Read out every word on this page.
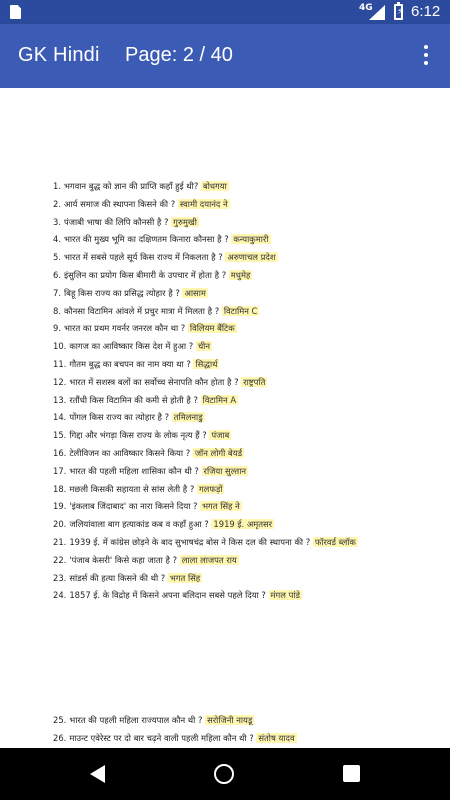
4G	⚡ 6:12
GK Hindi Page: 2 / 40
1. भगवान बुद्ध को ज्ञान की प्राप्ति कहाँ हुई थी? बोधगया
2. आर्य समाज की स्थापना किसने की ? स्वामी दयानंद ने
3. पंजाबी भाषा की लिपि कौनसी है ? गुरुमुखी
4. भारत की मुख्य भूमि का दक्षिणतम किनारा कौनसा है ? कन्याकुमारी
5. भारत में सबसे पहले सूर्य किस राज्य में निकलता है ? अरुणाचल प्रदेश
6. इंसुलिन का प्रयोग किस बीमारी के उपचार में होता है ? मधुमेह
7. बिहू किस राज्य का प्रसिद्ध त्योहार है ? आसाम
8. कौनसा विटामिन आंवले में प्रचुर मात्रा में मिलता है ? विटामिन C
9. भारत का प्रथम गवर्नर जनरल कौन था ? विलियम बैंटिक
10. कागज का आविष्कार किस देश में हुआ ? चीन
11. गौतम बुद्ध का बचपन का नाम क्या था ? सिद्धार्थ
12. भारत में सशस्त्र बलों का सर्वोच्च सेनापति कौन होता है ? राष्ट्रपति
13. रतौंधी किस विटामिन की कमी से होती है ? विटामिन A
14. पोंगल किस राज्य का त्योहार है ? तमिलनाडु
15. गिद्दा और भंगड़ा किस राज्य के लोक नृत्य हैं ? पंजाब
16. टेलीविजन का आविष्कार किसने किया ? जॉन लोगी बेयर्ड
17. भारत की पहली महिला शासिका कौन थी ? रजिया सुल्तान
18. मछली किसकी सहायता से सांस लेती है ? गलफड़ों
19. 'इंकलाब जिंदाबाद' का नारा किसने दिया ? भगत सिंह ने
20. जलियांवाला बाग हत्याकांड कब व कहाँ हुआ ? 1919 ई. अमृतसर
21. 1939 ई. में कांग्रेस छोड़ने के बाद सुभाषचंद्र बोस ने किस दल की स्थापना की ? फॉरवर्ड ब्लॉक
22. 'पंजाब केसरी' किसे कहा जाता है ? लाला लाजपत राय
23. सांडर्स की हत्या किसने की थी ? भगत सिंह
24. 1857 ई. के विद्रोह में किसने अपना बलिदान सबसे पहले दिया ? मंगल पांडे
25. भारत की पहली महिला राज्यपाल कौन थी ? सरोजिनी नायडू
26. माउन्ट एवेरेस्ट पर दो बार चढ़ने वाली पहली महिला कौन थी ? संतोष यादव
